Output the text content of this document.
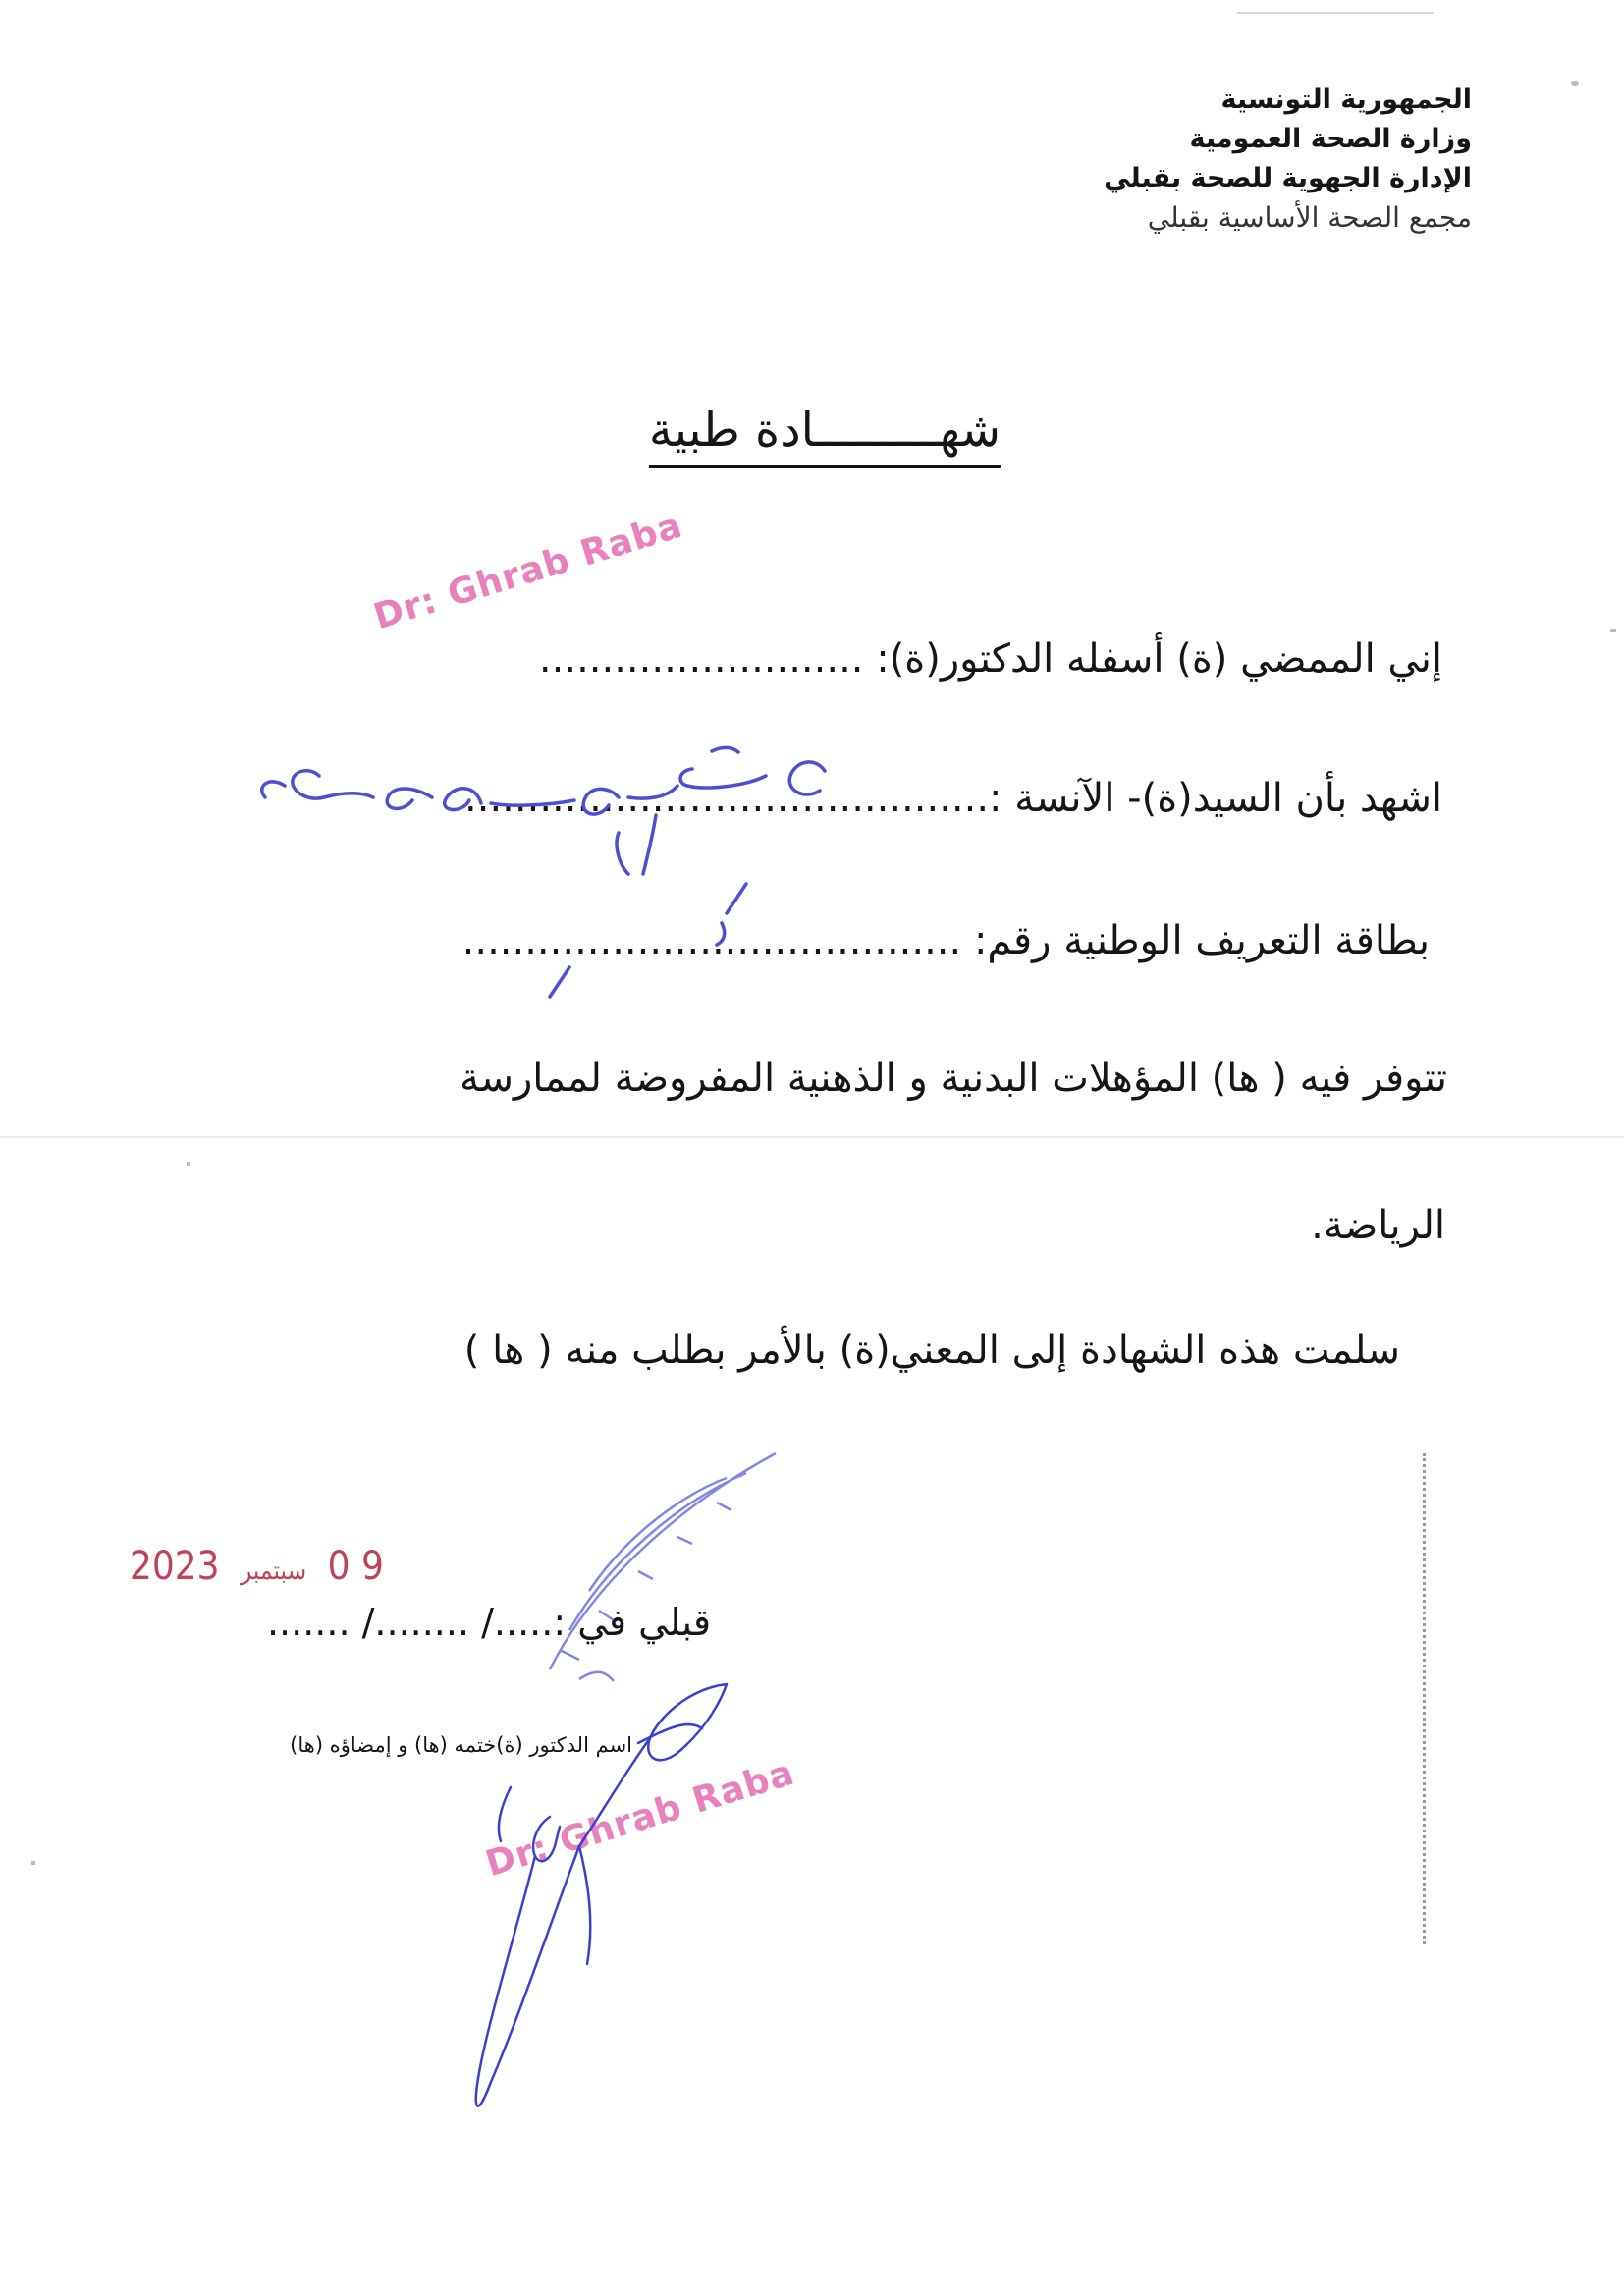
الجمهورية التونسية
وزارة الصحة العمومية
الإدارة الجهوية للصحة بقبلي
مجمع الصحة الأساسية بقبلي
شهـــــــــادة طبية
إني الممضي (ة) أسفله الدكتور(ة): ..........................
اشهد بأن السيد(ة)- الآنسة :..........................................
بطاقة التعريف الوطنية رقم: ........................................
تتوفر فيه ( ها) المؤهلات البدنية و الذهنية المفروضة لممارسة
الرياضة.
سلمت هذه الشهادة إلى المعني(ة) بالأمر بطلب منه ( ها )
قبلي في :...../ ......../ .......
اسم الدكتور (ة)ختمه (ها) و إمضاؤه (ها)
2023 سبتمبر 0 9
Dr: Ghrab Raba
Dr: Ghrab Raba
